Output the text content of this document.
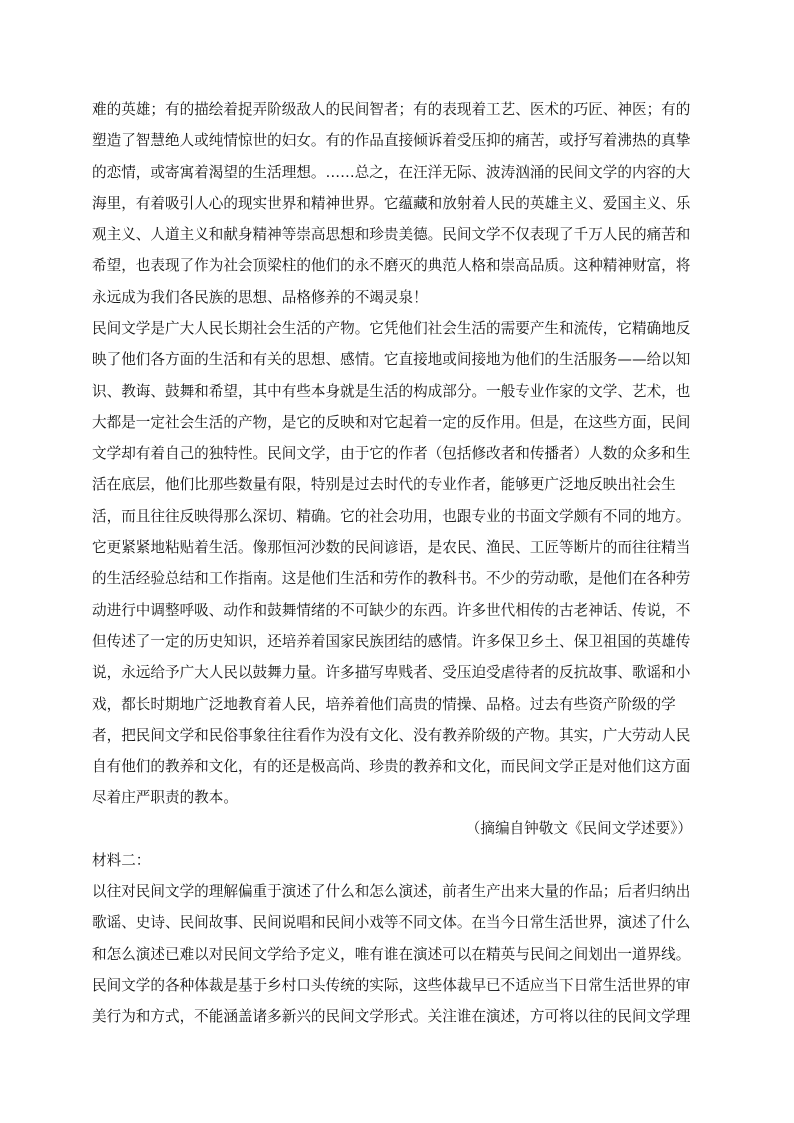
难的英雄；有的描绘着捉弄阶级敌人的民间智者；有的表现着工艺、医术的巧匠、神医；有的
塑造了智慧绝人或纯情惊世的妇女。有的作品直接倾诉着受压抑的痛苦，或抒写着沸热的真挚
的恋情，或寄寓着渴望的生活理想。……总之，在汪洋无际、波涛汹涌的民间文学的内容的大
海里，有着吸引人心的现实世界和精神世界。它蕴藏和放射着人民的英雄主义、爱国主义、乐
观主义、人道主义和献身精神等崇高思想和珍贵美德。民间文学不仅表现了千万人民的痛苦和
希望，也表现了作为社会顶梁柱的他们的永不磨灭的典范人格和崇高品质。这种精神财富，将
永远成为我们各民族的思想、品格修养的不竭灵泉！
民间文学是广大人民长期社会生活的产物。它凭他们社会生活的需要产生和流传，它精确地反
映了他们各方面的生活和有关的思想、感情。它直接地或间接地为他们的生活服务——给以知
识、教诲、鼓舞和希望，其中有些本身就是生活的构成部分。一般专业作家的文学、艺术，也
大都是一定社会生活的产物，是它的反映和对它起着一定的反作用。但是，在这些方面，民间
文学却有着自己的独特性。民间文学，由于它的作者（包括修改者和传播者）人数的众多和生
活在底层，他们比那些数量有限，特别是过去时代的专业作者，能够更广泛地反映出社会生
活，而且往往反映得那么深切、精确。它的社会功用，也跟专业的书面文学颇有不同的地方。
它更紧紧地粘贴着生活。像那恒河沙数的民间谚语，是农民、渔民、工匠等断片的而往往精当
的生活经验总结和工作指南。这是他们生活和劳作的教科书。不少的劳动歌，是他们在各种劳
动进行中调整呼吸、动作和鼓舞情绪的不可缺少的东西。许多世代相传的古老神话、传说，不
但传述了一定的历史知识，还培养着国家民族团结的感情。许多保卫乡土、保卫祖国的英雄传
说，永远给予广大人民以鼓舞力量。许多描写卑贱者、受压迫受虐待者的反抗故事、歌谣和小
戏，都长时期地广泛地教育着人民，培养着他们高贵的情操、品格。过去有些资产阶级的学
者，把民间文学和民俗事象往往看作为没有文化、没有教养阶级的产物。其实，广大劳动人民
自有他们的教养和文化，有的还是极高尚、珍贵的教养和文化，而民间文学正是对他们这方面
尽着庄严职责的教本。
（摘编自钟敬文《民间文学述要》）
材料二：
以往对民间文学的理解偏重于演述了什么和怎么演述，前者生产出来大量的作品；后者归纳出
歌谣、史诗、民间故事、民间说唱和民间小戏等不同文体。在当今日常生活世界，演述了什么
和怎么演述已难以对民间文学给予定义，唯有谁在演述可以在精英与民间之间划出一道界线。
民间文学的各种体裁是基于乡村口头传统的实际，这些体裁早已不适应当下日常生活世界的审
美行为和方式，不能涵盖诸多新兴的民间文学形式。关注谁在演述，方可将以往的民间文学理
